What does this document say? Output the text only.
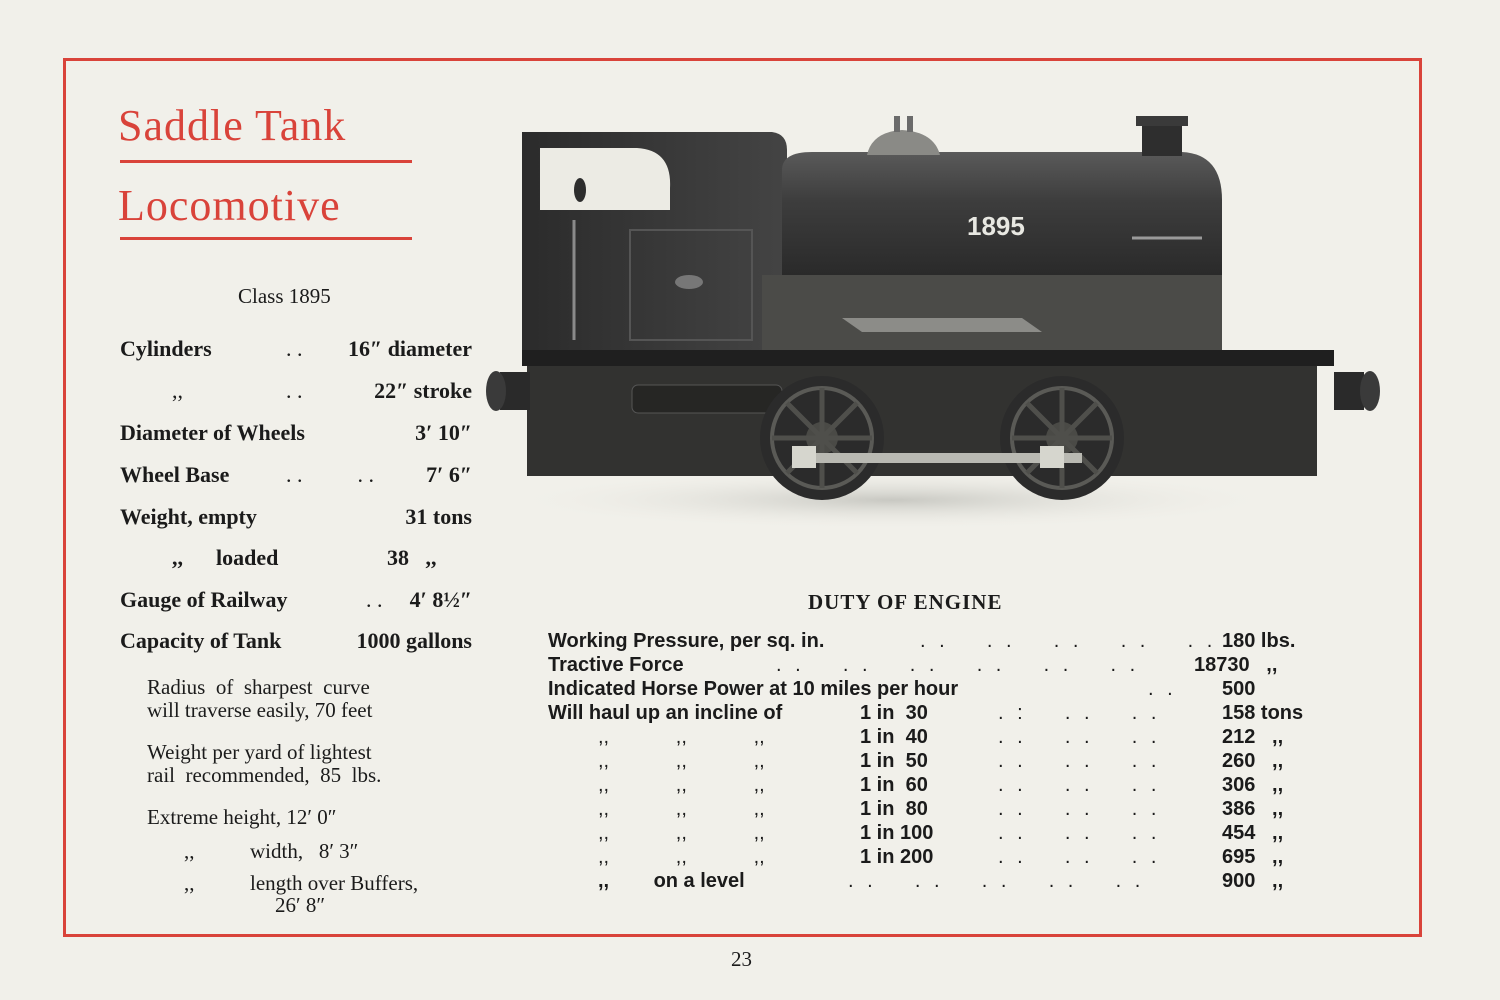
Saddle Tank
Locomotive
Class 1895
Cylinders	. . 16″ diameter
,,	. .	22″ stroke
Diameter of Wheels	3′ 10″
Wheel Base	. .          . . 7′ 6″
Weight, empty	31 tons
,,      loaded	38   ,,
Gauge of Railway	. . 4′ 8½″
Capacity of Tank	1000 gallons
Radius  of  sharpest  curve
will traverse easily, 70 feet
Weight per yard of lightest
rail  recommended,  85  lbs.
Extreme height, 12′ 0″
,,	width,   8′ 3″
,,	length over Buffers,
26′ 8″
1895
DUTY OF ENGINE
Working Pressure, per sq. in.	. .    . .    . .    . .    . . 180 lbs.
Tractive Force	. .    . .    . .    . .    . .    . .	18730   ,,
Indicated Horse Power at 10 miles per hour	. . 500
Will haul up an incline of	1 in  30	. :    . .    . .	158 tons
,,            ,,            ,,	1 in  40	. .    . .    . .	212   ,,
,,            ,,            ,,	1 in  50	. .    . .    . .	260   ,,
,,            ,,            ,,	1 in  60	. .    . .    . .	306   ,,
,,            ,,            ,,	1 in  80	. .    . .    . .	386   ,,
,,            ,,            ,,	1 in 100	. .    . .    . .	454   ,,
,,            ,,            ,,	1 in 200	. .    . .    . .	695   ,,
,,        on a level	. .    . .    . .    . .    . .	900   ,,
23
